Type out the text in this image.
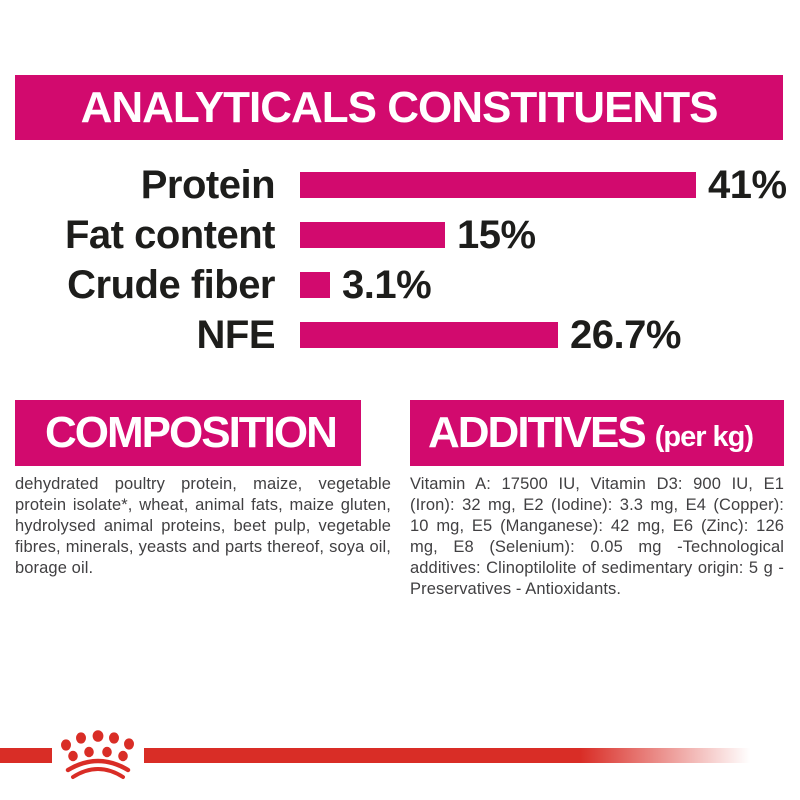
ANALYTICALS CONSTITUENTS
Protein	41%
Fat content	15%
Crude fiber 3.1%
NFE	26.7%
COMPOSITION
dehydrated poultry protein, maize, vegetable protein isolate*, wheat, animal fats, maize gluten, hydrolysed animal proteins, beet pulp, vegetable fibres, minerals, yeasts and parts thereof, soya oil, borage oil.
ADDITIVES (per kg)
Vitamin A: 17500 IU, Vitamin D3: 900 IU, E1 (Iron): 32 mg, E2 (Iodine): 3.3 mg, E4 (Copper): 10 mg, E5 (Manganese): 42 mg, E6 (Zinc): 126 mg, E8 (Selenium): 0.05 mg -Technological additives: Clinoptilolite of sedimentary origin: 5 g - Preservatives - Antioxidants.
